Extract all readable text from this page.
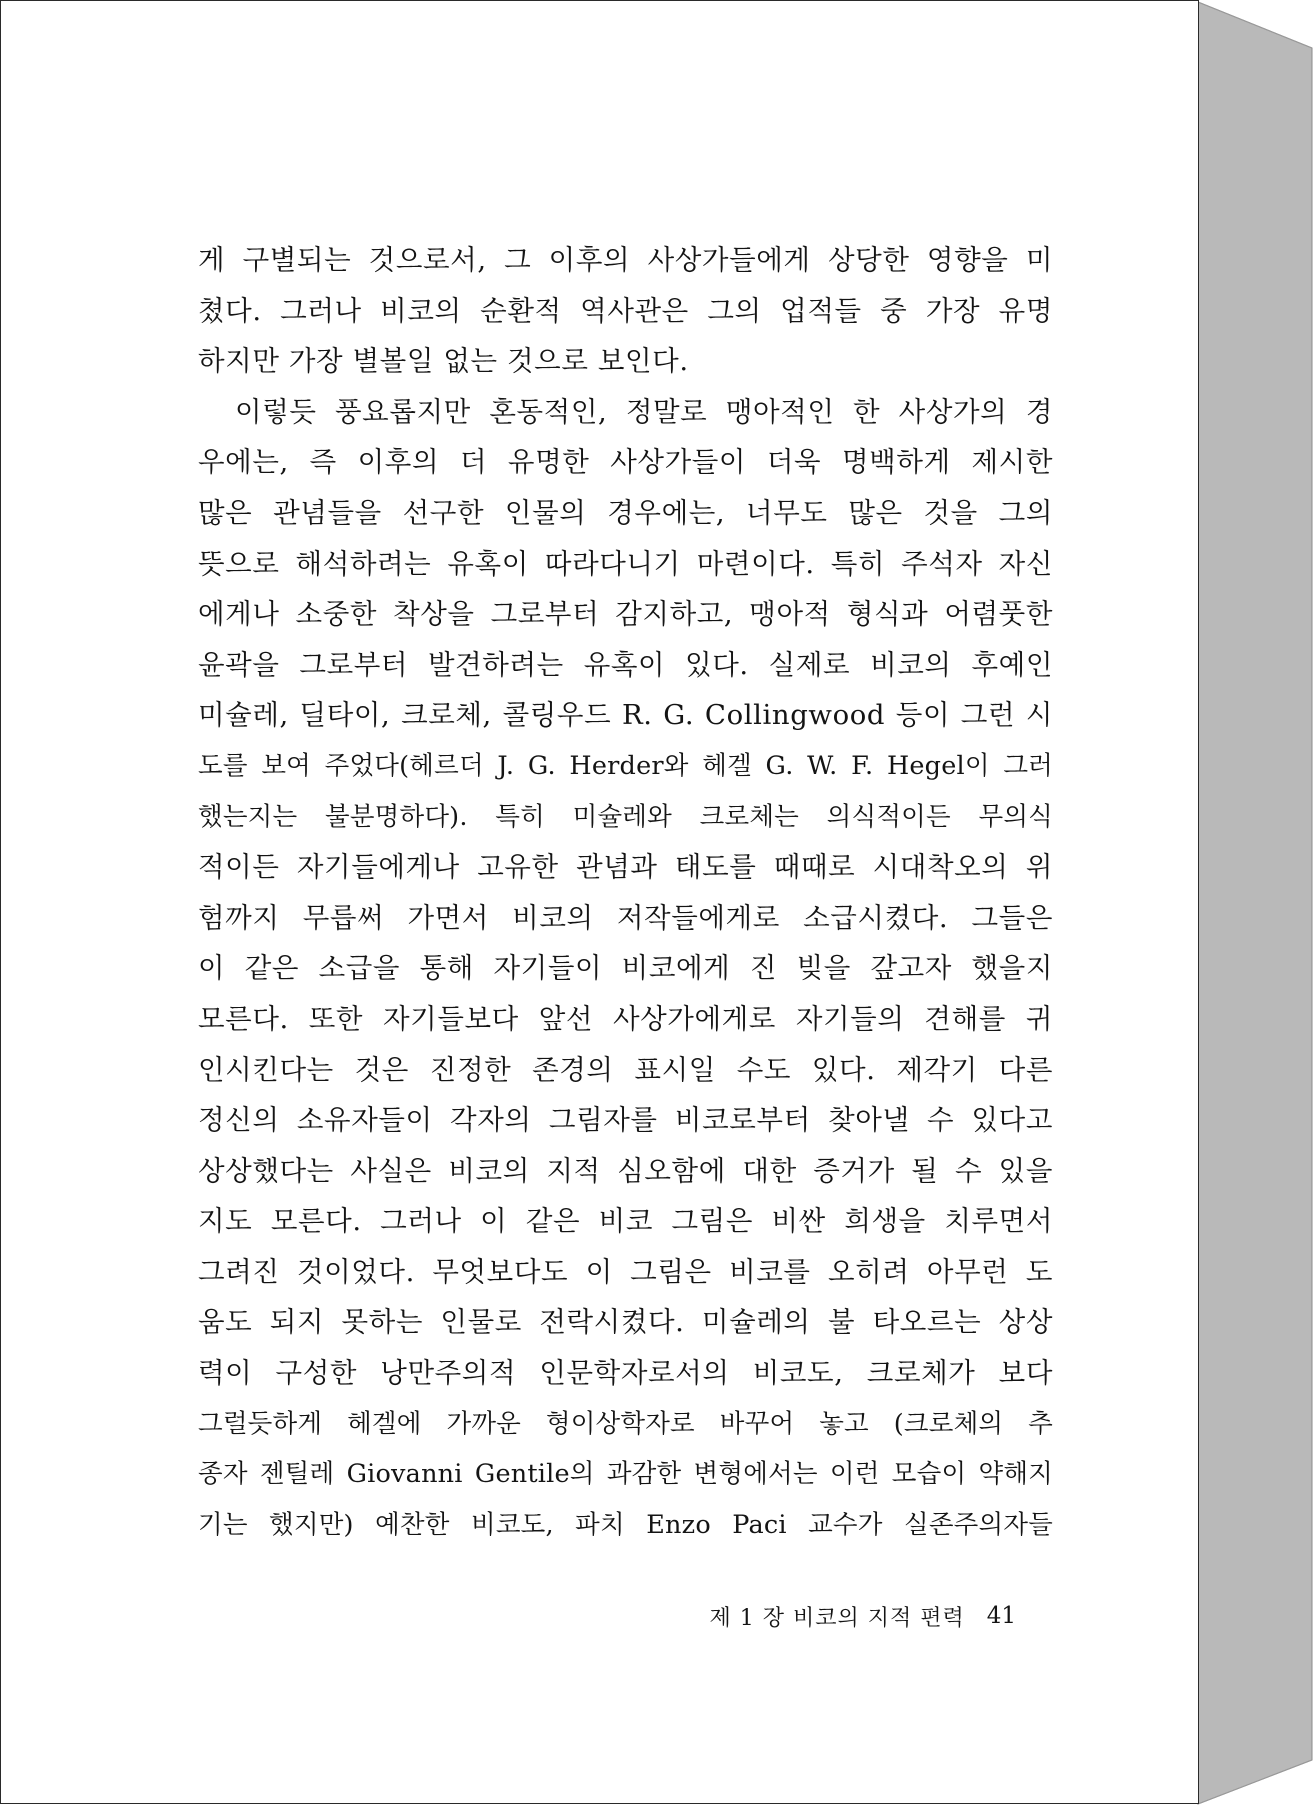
게 구별되는 것으로서, 그 이후의 사상가들에게 상당한 영향을 미
쳤다. 그러나 비코의 순환적 역사관은 그의 업적들 중 가장 유명
하지만 가장 별볼일 없는 것으로 보인다.
이렇듯 풍요롭지만 혼동적인, 정말로 맹아적인 한 사상가의 경
우에는, 즉 이후의 더 유명한 사상가들이 더욱 명백하게 제시한
많은 관념들을 선구한 인물의 경우에는, 너무도 많은 것을 그의
뜻으로 해석하려는 유혹이 따라다니기 마련이다. 특히 주석자 자신
에게나 소중한 착상을 그로부터 감지하고, 맹아적 형식과 어렴풋한
윤곽을 그로부터 발견하려는 유혹이 있다. 실제로 비코의 후예인
미슐레, 딜타이, 크로체, 콜링우드 R. G. Collingwood 등이 그런 시
도를 보여 주었다(헤르더 J. G. Herder와 헤겔 G. W. F. Hegel이 그러
했는지는 불분명하다). 특히 미슐레와 크로체는 의식적이든 무의식
적이든 자기들에게나 고유한 관념과 태도를 때때로 시대착오의 위
험까지 무릅써 가면서 비코의 저작들에게로 소급시켰다. 그들은
이 같은 소급을 통해 자기들이 비코에게 진 빚을 갚고자 했을지
모른다. 또한 자기들보다 앞선 사상가에게로 자기들의 견해를 귀
인시킨다는 것은 진정한 존경의 표시일 수도 있다. 제각기 다른
정신의 소유자들이 각자의 그림자를 비코로부터 찾아낼 수 있다고
상상했다는 사실은 비코의 지적 심오함에 대한 증거가 될 수 있을
지도 모른다. 그러나 이 같은 비코 그림은 비싼 희생을 치루면서
그려진 것이었다. 무엇보다도 이 그림은 비코를 오히려 아무런 도
움도 되지 못하는 인물로 전락시켰다. 미슐레의 불 타오르는 상상
력이 구성한 낭만주의적 인문학자로서의 비코도, 크로체가 보다
그럴듯하게 헤겔에 가까운 형이상학자로 바꾸어 놓고 (크로체의 추
종자 젠틸레 Giovanni Gentile의 과감한 변형에서는 이런 모습이 약해지
기는 했지만) 예찬한 비코도, 파치 Enzo Paci 교수가 실존주의자들
제 1 장 비코의 지적 편력 41
